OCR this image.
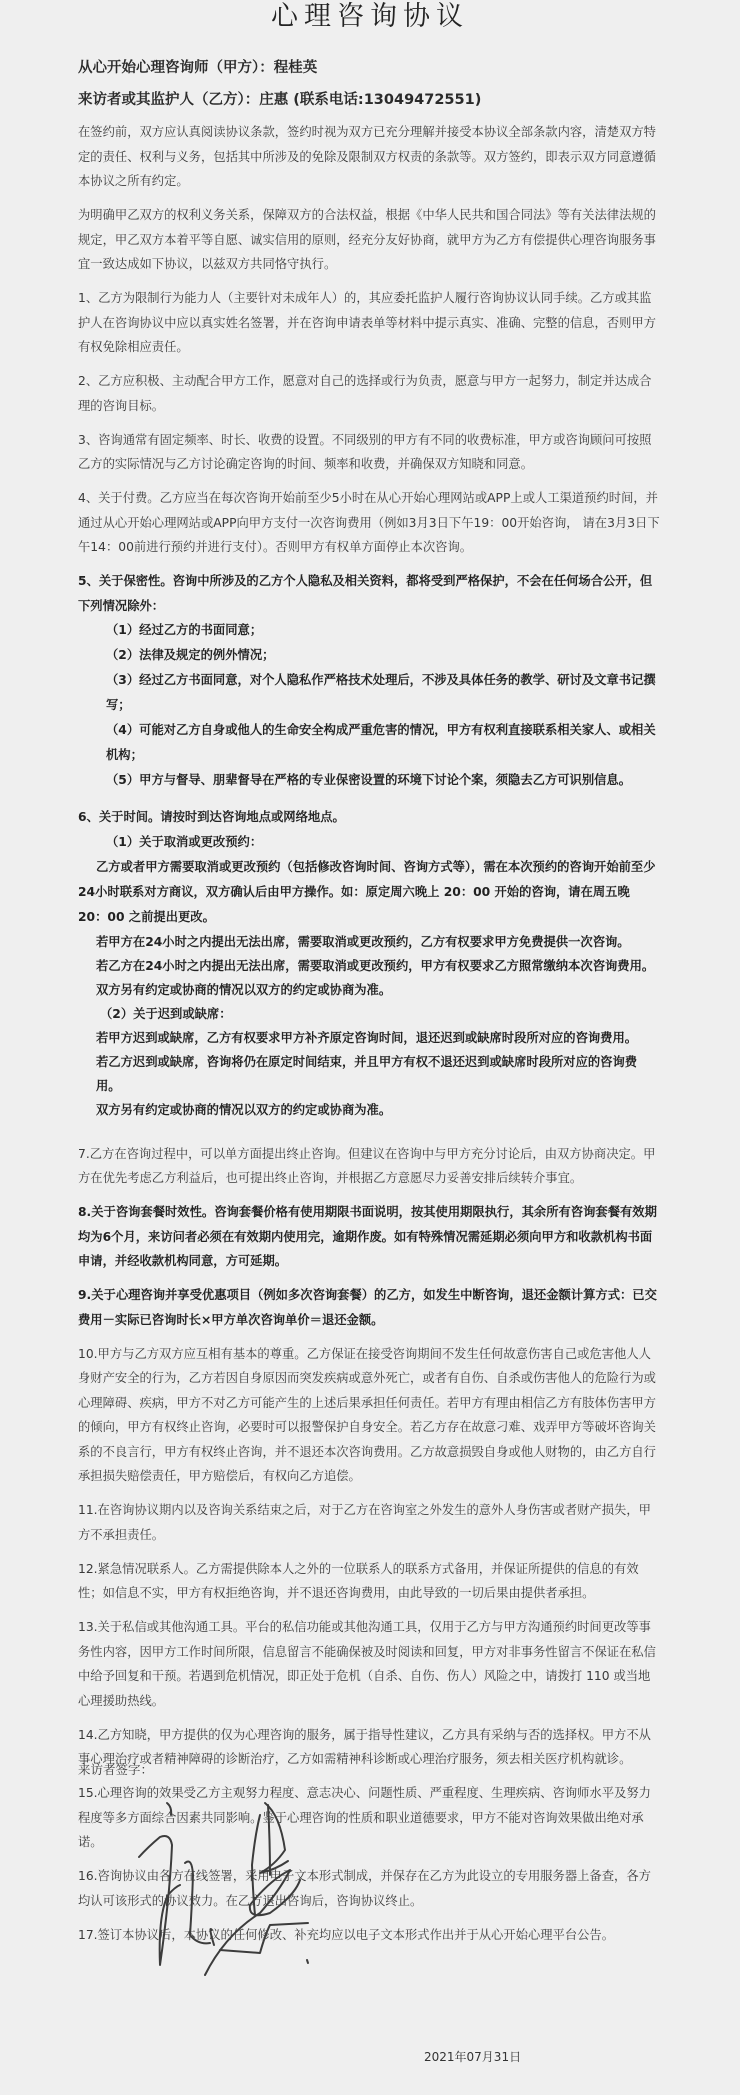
心理咨询协议
从心开始心理咨询师（甲方）：程桂英
来访者或其监护人（乙方）：庄惠 (联系电话:13049472551)

在签约前，双方应认真阅读协议条款，签约时视为双方已充分理解并接受本协议全部条款内容，清楚双方特定的责任、权利与义务，包括其中所涉及的免除及限制双方权责的条款等。双方签约，即表示双方同意遵循本协议之所有约定。

为明确甲乙双方的权利义务关系，保障双方的合法权益，根据《中华人民共和国合同法》等有关法律法规的规定，甲乙双方本着平等自愿、诚实信用的原则，经充分友好协商，就甲方为乙方有偿提供心理咨询服务事宜一致达成如下协议，以兹双方共同恪守执行。

1、乙方为限制行为能力人（主要针对未成年人）的，其应委托监护人履行咨询协议认同手续。乙方或其监护人在咨询协议中应以真实姓名签署，并在咨询申请表单等材料中提示真实、准确、完整的信息，否则甲方有权免除相应责任。

2、乙方应积极、主动配合甲方工作，愿意对自己的选择或行为负责，愿意与甲方一起努力，制定并达成合理的咨询目标。

3、咨询通常有固定频率、时长、收费的设置。不同级别的甲方有不同的收费标准，甲方或咨询顾问可按照乙方的实际情况与乙方讨论确定咨询的时间、频率和收费，并确保双方知晓和同意。

4、关于付费。乙方应当在每次咨询开始前至少5小时在从心开始心理网站或APP上或人工渠道预约时间，并通过从心开始心理网站或APP向甲方支付一次咨询费用（例如3月3日下午19：00开始咨询， 请在3月3日下午14：00前进行预约并进行支付）。否则甲方有权单方面停止本次咨询。

5、关于保密性。咨询中所涉及的乙方个人隐私及相关资料，都将受到严格保护，不会在任何场合公开，但下列情况除外：

（1）经过乙方的书面同意；

（2）法律及规定的例外情况；

（3）经过乙方书面同意，对个人隐私作严格技术处理后，不涉及具体任务的教学、研讨及文章书记撰写；

（4）可能对乙方自身或他人的生命安全构成严重危害的情况，甲方有权利直接联系相关家人、或相关机构；

（5）甲方与督导、朋辈督导在严格的专业保密设置的环境下讨论个案，须隐去乙方可识别信息。

6、关于时间。请按时到达咨询地点或网络地点。

（1）关于取消或更改预约：

乙方或者甲方需要取消或更改预约（包括修改咨询时间、咨询方式等），需在本次预约的咨询开始前至少24小时联系对方商议，双方确认后由甲方操作。如：原定周六晚上 20：00 开始的咨询，请在周五晚 20：00 之前提出更改。

若甲方在24小时之内提出无法出席，需要取消或更改预约，乙方有权要求甲方免费提供一次咨询。

若乙方在24小时之内提出无法出席，需要取消或更改预约，甲方有权要求乙方照常缴纳本次咨询费用。

双方另有约定或协商的情况以双方的约定或协商为准。

（2）关于迟到或缺席：

若甲方迟到或缺席，乙方有权要求甲方补齐原定咨询时间，退还迟到或缺席时段所对应的咨询费用。

若乙方迟到或缺席，咨询将仍在原定时间结束，并且甲方有权不退还迟到或缺席时段所对应的咨询费用。

双方另有约定或协商的情况以双方的约定或协商为准。

7.乙方在咨询过程中，可以单方面提出终止咨询。但建议在咨询中与甲方充分讨论后，由双方协商决定。甲方在优先考虑乙方利益后，也可提出终止咨询，并根据乙方意愿尽力妥善安排后续转介事宜。

8.关于咨询套餐时效性。咨询套餐价格有使用期限书面说明，按其使用期限执行，其余所有咨询套餐有效期均为6个月，来访问者必须在有效期内使用完，逾期作废。如有特殊情况需延期必须向甲方和收款机构书面申请，并经收款机构同意，方可延期。

9.关于心理咨询并享受优惠项目（例如多次咨询套餐）的乙方，如发生中断咨询，退还金额计算方式：已交费用－实际已咨询时长×甲方单次咨询单价＝退还金额。

10.甲方与乙方双方应互相有基本的尊重。乙方保证在接受咨询期间不发生任何故意伤害自己或危害他人人身财产安全的行为，乙方若因自身原因而突发疾病或意外死亡，或者有自伤、自杀或伤害他人的危险行为或心理障碍、疾病，甲方不对乙方可能产生的上述后果承担任何责任。若甲方有理由相信乙方有肢体伤害甲方的倾向，甲方有权终止咨询，必要时可以报警保护自身安全。若乙方存在故意刁难、戏弄甲方等破坏咨询关系的不良言行，甲方有权终止咨询，并不退还本次咨询费用。乙方故意损毁自身或他人财物的，由乙方自行承担损失赔偿责任，甲方赔偿后，有权向乙方追偿。

11.在咨询协议期内以及咨询关系结束之后，对于乙方在咨询室之外发生的意外人身伤害或者财产损失，甲方不承担责任。

12.紧急情况联系人。乙方需提供除本人之外的一位联系人的联系方式备用，并保证所提供的信息的有效性；如信息不实，甲方有权拒绝咨询，并不退还咨询费用，由此导致的一切后果由提供者承担。

13.关于私信或其他沟通工具。平台的私信功能或其他沟通工具，仅用于乙方与甲方沟通预约时间更改等事务性内容，因甲方工作时间所限，信息留言不能确保被及时阅读和回复，甲方对非事务性留言不保证在私信中给予回复和干预。若遇到危机情况，即正处于危机（自杀、自伤、伤人）风险之中，请拨打 110 或当地心理援助热线。

14.乙方知晓，甲方提供的仅为心理咨询的服务，属于指导性建议，乙方具有采纳与否的选择权。甲方不从事心理治疗或者精神障碍的诊断治疗，乙方如需精神科诊断或心理治疗服务，须去相关医疗机构就诊。

15.心理咨询的效果受乙方主观努力程度、意志决心、问题性质、严重程度、生理疾病、咨询师水平及努力程度等多方面综合因素共同影响。鉴于心理咨询的性质和职业道德要求，甲方不能对咨询效果做出绝对承诺。

16.咨询协议由各方在线签署，采用电子文本形式制成，并保存在乙方为此设立的专用服务器上备查，各方均认可该形式的协议效力。在乙方退出咨询后，咨询协议终止。

17.签订本协议后，本协议的任何修改、补充均应以电子文本形式作出并于从心开始心理平台公告。

来访者签字：
2021年07月31日
